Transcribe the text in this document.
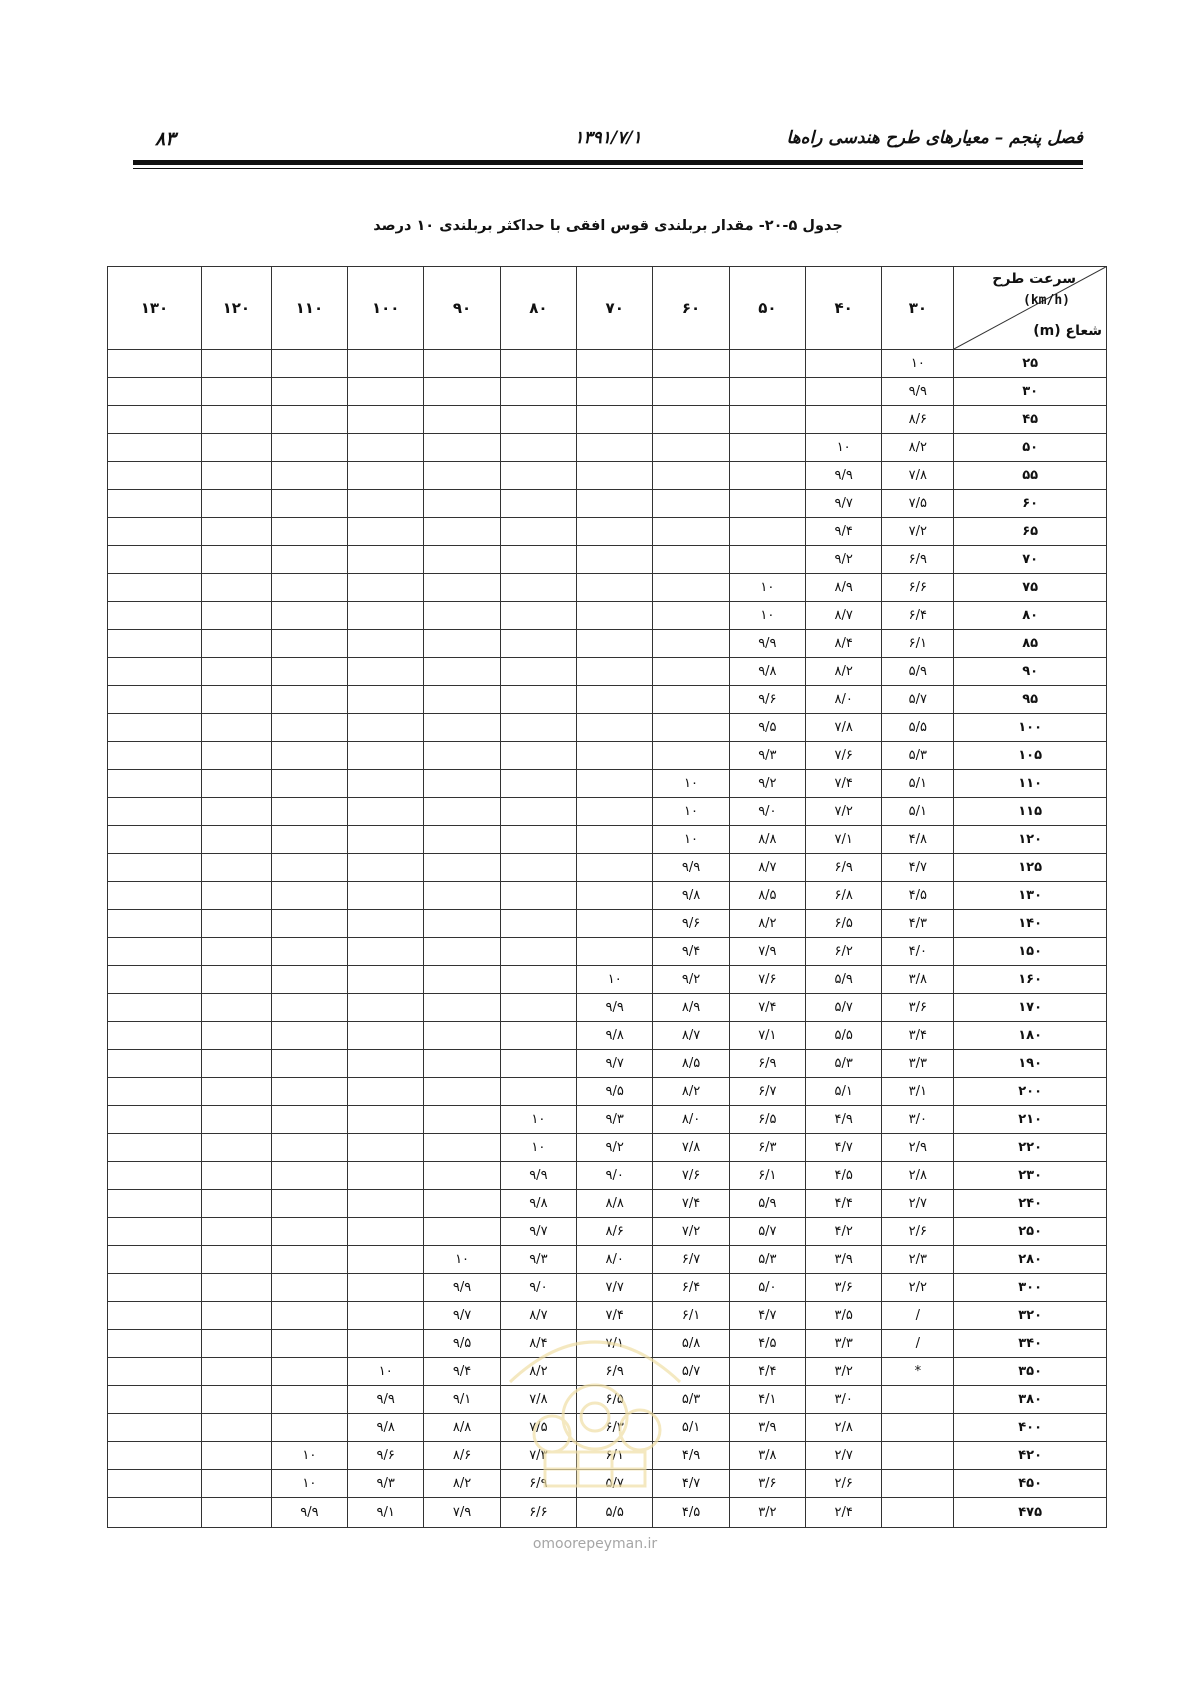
۸۳	۱۳۹۱/۷/۱	فصل پنجم – معیارهای طرح هندسی راه‌ها
جدول ۵-۲۰- مقدار بربلندی قوس افقی با حداکثر بربلندی ۱۰ درصد
سرعت طرح
(km/h)
شعاع (m)	۳۰	۴۰	۵۰	۶۰	۷۰	۸۰	۹۰	۱۰۰	۱۱۰	۱۲۰	۱۳۰
۲۵	۱۰										
۳۰	۹/۹										
۴۵	۸/۶										
۵۰	۸/۲	۱۰									
۵۵	۷/۸	۹/۹									
۶۰	۷/۵	۹/۷									
۶۵	۷/۲	۹/۴									
۷۰	۶/۹	۹/۲									
۷۵	۶/۶	۸/۹	۱۰								
۸۰	۶/۴	۸/۷	۱۰								
۸۵	۶/۱	۸/۴	۹/۹								
۹۰	۵/۹	۸/۲	۹/۸								
۹۵	۵/۷	۸/۰	۹/۶								
۱۰۰	۵/۵	۷/۸	۹/۵								
۱۰۵	۵/۳	۷/۶	۹/۳								
۱۱۰	۵/۱	۷/۴	۹/۲	۱۰							
۱۱۵	۵/۱	۷/۲	۹/۰	۱۰							
۱۲۰	۴/۸	۷/۱	۸/۸	۱۰							
۱۲۵	۴/۷	۶/۹	۸/۷	۹/۹							
۱۳۰	۴/۵	۶/۸	۸/۵	۹/۸							
۱۴۰	۴/۳	۶/۵	۸/۲	۹/۶							
۱۵۰	۴/۰	۶/۲	۷/۹	۹/۴							
۱۶۰	۳/۸	۵/۹	۷/۶	۹/۲	۱۰						
۱۷۰	۳/۶	۵/۷	۷/۴	۸/۹	۹/۹						
۱۸۰	۳/۴	۵/۵	۷/۱	۸/۷	۹/۸						
۱۹۰	۳/۳	۵/۳	۶/۹	۸/۵	۹/۷						
۲۰۰	۳/۱	۵/۱	۶/۷	۸/۲	۹/۵						
۲۱۰	۳/۰	۴/۹	۶/۵	۸/۰	۹/۳	۱۰					
۲۲۰	۲/۹	۴/۷	۶/۳	۷/۸	۹/۲	۱۰					
۲۳۰	۲/۸	۴/۵	۶/۱	۷/۶	۹/۰	۹/۹					
۲۴۰	۲/۷	۴/۴	۵/۹	۷/۴	۸/۸	۹/۸					
۲۵۰	۲/۶	۴/۲	۵/۷	۷/۲	۸/۶	۹/۷					
۲۸۰	۲/۳	۳/۹	۵/۳	۶/۷	۸/۰	۹/۳	۱۰				
۳۰۰	۲/۲	۳/۶	۵/۰	۶/۴	۷/۷	۹/۰	۹/۹				
۳۲۰	/	۳/۵	۴/۷	۶/۱	۷/۴	۸/۷	۹/۷				
۳۴۰	/	۳/۳	۴/۵	۵/۸	۷/۱	۸/۴	۹/۵				
۳۵۰	*	۳/۲	۴/۴	۵/۷	۶/۹	۸/۲	۹/۴	۱۰			
۳۸۰		۳/۰	۴/۱	۵/۳	۶/۵	۷/۸	۹/۱	۹/۹			
۴۰۰		۲/۸	۳/۹	۵/۱	۶/۳	۷/۵	۸/۸	۹/۸			
۴۲۰		۲/۷	۳/۸	۴/۹	۶/۱	۷/۳	۸/۶	۹/۶	۱۰		
۴۵۰		۲/۶	۳/۶	۴/۷	۵/۷	۶/۹	۸/۲	۹/۳	۱۰		
۴۷۵		۲/۴	۳/۲	۴/۵	۵/۵	۶/۶	۷/۹	۹/۱	۹/۹		
omoorepeyman.ir
